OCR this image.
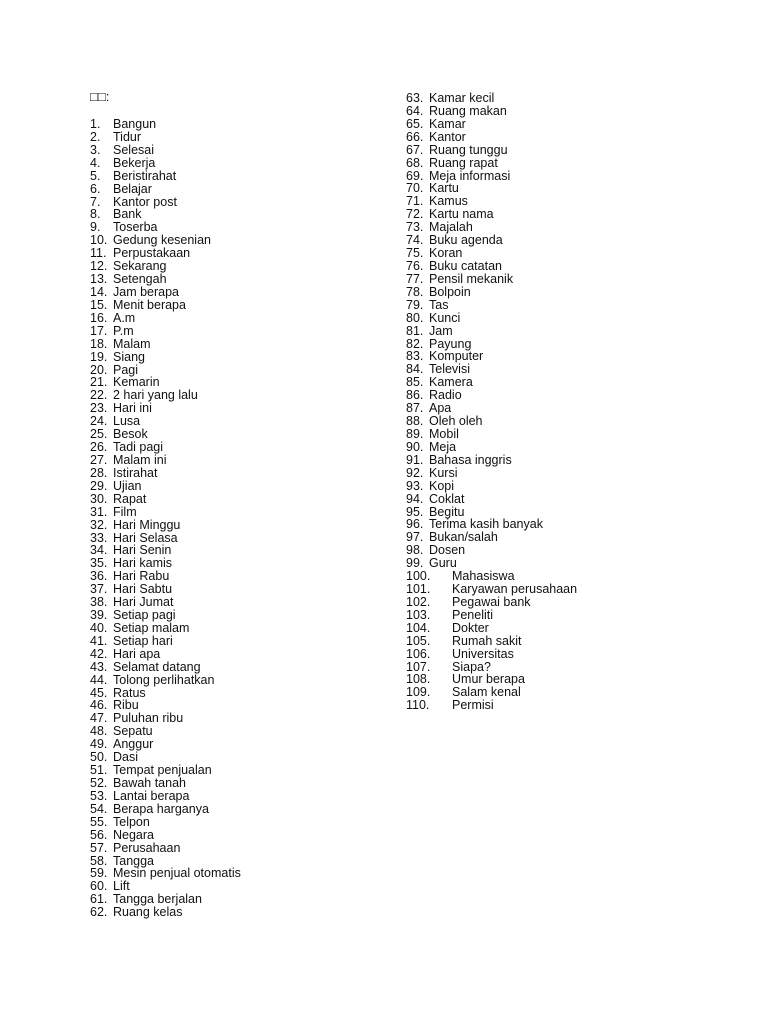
□□:
1. Bangun
2. Tidur
3. Selesai
4. Bekerja
5. Beristirahat
6. Belajar
7. Kantor post
8. Bank
9. Toserba
10. Gedung kesenian
11. Perpustakaan
12. Sekarang
13. Setengah
14. Jam berapa
15. Menit berapa
16. A.m
17. P.m
18. Malam
19. Siang
20. Pagi
21. Kemarin
22. 2 hari yang lalu
23. Hari ini
24. Lusa
25. Besok
26. Tadi pagi
27. Malam ini
28. Istirahat
29. Ujian
30. Rapat
31. Film
32. Hari Minggu
33. Hari Selasa
34. Hari Senin
35. Hari kamis
36. Hari Rabu
37. Hari Sabtu
38. Hari Jumat
39. Setiap pagi
40. Setiap malam
41. Setiap hari
42. Hari apa
43. Selamat datang
44. Tolong perlihatkan
45. Ratus
46. Ribu
47. Puluhan ribu
48. Sepatu
49. Anggur
50. Dasi
51. Tempat penjualan
52. Bawah tanah
53. Lantai berapa
54. Berapa harganya
55. Telpon
56. Negara
57. Perusahaan
58. Tangga
59. Mesin penjual otomatis
60. Lift
61. Tangga berjalan
62. Ruang kelas
63. Kamar kecil
64. Ruang makan
65. Kamar
66. Kantor
67. Ruang tunggu
68. Ruang rapat
69. Meja informasi
70. Kartu
71. Kamus
72. Kartu nama
73. Majalah
74. Buku agenda
75. Koran
76. Buku catatan
77. Pensil mekanik
78. Bolpoin
79. Tas
80. Kunci
81. Jam
82. Payung
83. Komputer
84. Televisi
85. Kamera
86. Radio
87. Apa
88. Oleh oleh
89. Mobil
90. Meja
91. Bahasa inggris
92. Kursi
93. Kopi
94. Coklat
95. Begitu
96. Terima kasih banyak
97. Bukan/salah
98. Dosen
99. Guru
100. Mahasiswa
101. Karyawan perusahaan
102. Pegawai bank
103. Peneliti
104. Dokter
105. Rumah sakit
106. Universitas
107. Siapa?
108. Umur berapa
109. Salam kenal
110. Permisi
